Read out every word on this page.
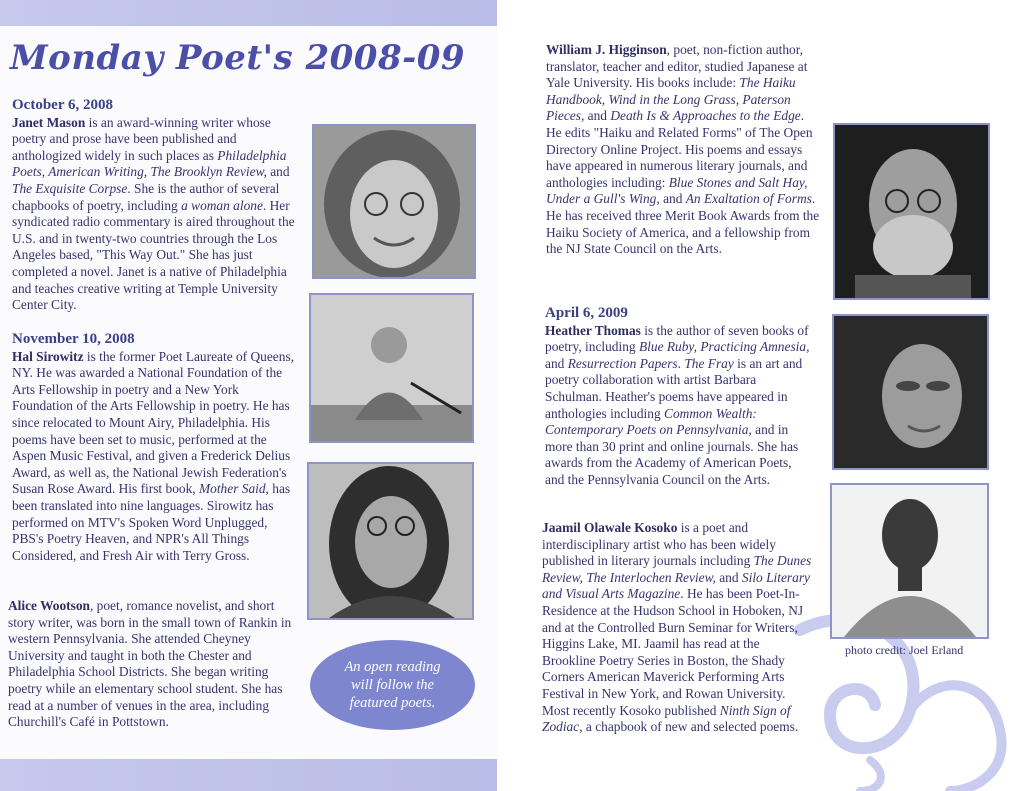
Monday Poet's 2008-09
October 6, 2008
Janet Mason is an award-winning writer whose poetry and prose have been published and anthologized widely in such places as Philadelphia Poets, American Writing, The Brooklyn Review, and The Exquisite Corpse. She is the author of several chapbooks of poetry, including a woman alone. Her syndicated radio commentary is aired throughout the U.S. and in twenty-two countries through the Los Angeles based, "This Way Out." She has just completed a novel. Janet is a native of Philadelphia and teaches creative writing at Temple University Center City.
November 10, 2008
Hal Sirowitz is the former Poet Laureate of Queens, NY. He was awarded a National Foundation of the Arts Fellowship in poetry and a New York Foundation of the Arts Fellowship in poetry. He has since relocated to Mount Airy, Philadelphia. His poems have been set to music, performed at the Aspen Music Festival, and given a Frederick Delius Award, as well as, the National Jewish Federation's Susan Rose Award. His first book, Mother Said, has been translated into nine languages. Sirowitz has performed on MTV's Spoken Word Unplugged, PBS's Poetry Heaven, and NPR's All Things Considered, and Fresh Air with Terry Gross.
Alice Wootson, poet, romance novelist, and short story writer, was born in the small town of Rankin in western Pennsylvania. She attended Cheyney University and taught in both the Chester and Philadelphia School Districts. She began writing poetry while an elementary school student. She has read at a number of venues in the area, including Churchill's Café in Pottstown.
An open reading will follow the featured poets.
William J. Higginson, poet, non-fiction author, translator, teacher and editor, studied Japanese at Yale University. His books include: The Haiku Handbook, Wind in the Long Grass, Paterson Pieces, and Death Is & Approaches to the Edge. He edits "Haiku and Related Forms" of The Open Directory Online Project. His poems and essays have appeared in numerous literary journals, and anthologies including: Blue Stones and Salt Hay, Under a Gull's Wing, and An Exaltation of Forms. He has received three Merit Book Awards from the Haiku Society of America, and a fellowship from the NJ State Council on the Arts.
April 6, 2009
Heather Thomas is the author of seven books of poetry, including Blue Ruby, Practicing Amnesia, and Resurrection Papers. The Fray is an art and poetry collaboration with artist Barbara Schulman. Heather's poems have appeared in anthologies including Common Wealth: Contemporary Poets on Pennsylvania, and in more than 30 print and online journals. She has awards from the Academy of American Poets, and the Pennsylvania Council on the Arts.
Jaamil Olawale Kosoko is a poet and interdisciplinary artist who has been widely published in literary journals including The Dunes Review, The Interlochen Review, and Silo Literary and Visual Arts Magazine. He has been Poet-In-Residence at the Hudson School in Hoboken, NJ and at the Controlled Burn Seminar for Writers, Higgins Lake, MI. Jaamil has read at the Brookline Poetry Series in Boston, the Shady Corners American Maverick Performing Arts Festival in New York, and Rowan University. Most recently Kosoko published Ninth Sign of Zodiac, a chapbook of new and selected poems.
photo credit: Joel Erland
